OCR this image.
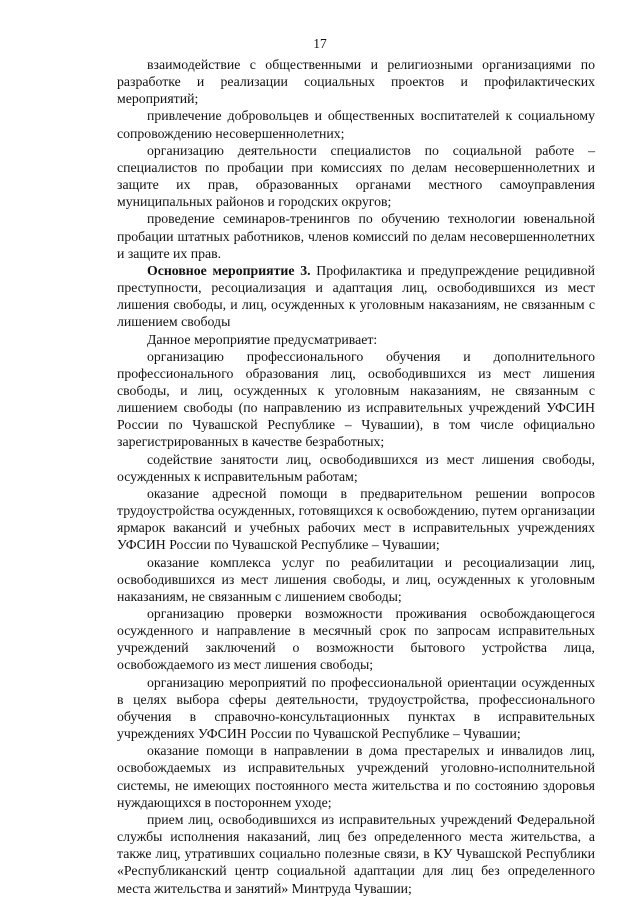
17

взаимодействие с общественными и религиозными организациями по разработке и реализации социальных проектов и профилактических мероприятий;

привлечение добровольцев и общественных воспитателей к социальному сопровождению несовершеннолетних;

организацию деятельности специалистов по социальной работе – специалистов по пробации при комиссиях по делам несовершеннолетних и защите их прав, образованных органами местного самоуправления муниципальных районов и городских округов;

проведение семинаров-тренингов по обучению технологии ювенальной пробации штатных работников, членов комиссий по делам несовершеннолетних и защите их прав.

Основное мероприятие 3. Профилактика и предупреждение рецидивной преступности, ресоциализация и адаптация лиц, освободившихся из мест лишения свободы, и лиц, осужденных к уголовным наказаниям, не связанным с лишением свободы

Данное мероприятие предусматривает:

организацию профессионального обучения и дополнительного профессионального образования лиц, освободившихся из мест лишения свободы, и лиц, осужденных к уголовным наказаниям, не связанным с лишением свободы (по направлению из исправительных учреждений УФСИН России по Чувашской Республике – Чувашии), в том числе официально зарегистрированных в качестве безработных;

содействие занятости лиц, освободившихся из мест лишения свободы, осужденных к исправительным работам;

оказание адресной помощи в предварительном решении вопросов трудоустройства осужденных, готовящихся к освобождению, путем организации ярмарок вакансий и учебных рабочих мест в исправительных учреждениях УФСИН России по Чувашской Республике – Чувашии;

оказание комплекса услуг по реабилитации и ресоциализации лиц, освободившихся из мест лишения свободы, и лиц, осужденных к уголовным наказаниям, не связанным с лишением свободы;

организацию проверки возможности проживания освобождающегося осужденного и направление в месячный срок по запросам исправительных учреждений заключений о возможности бытового устройства лица, освобождаемого из мест лишения свободы;

организацию мероприятий по профессиональной ориентации осужденных в целях выбора сферы деятельности, трудоустройства, профессионального обучения в справочно-консультационных пунктах в исправительных учреждениях УФСИН России по Чувашской Республике – Чувашии;

оказание помощи в направлении в дома престарелых и инвалидов лиц, освобождаемых из исправительных учреждений уголовно-исполнительной системы, не имеющих постоянного места жительства и по состоянию здоровья нуждающихся в постороннем уходе;

прием лиц, освободившихся из исправительных учреждений Федеральной службы исполнения наказаний, лиц без определенного места жительства, а также лиц, утративших социально полезные связи, в КУ Чувашской Республики «Республиканский центр социальной адаптации для лиц без определенного места жительства и занятий» Минтруда Чувашии;
